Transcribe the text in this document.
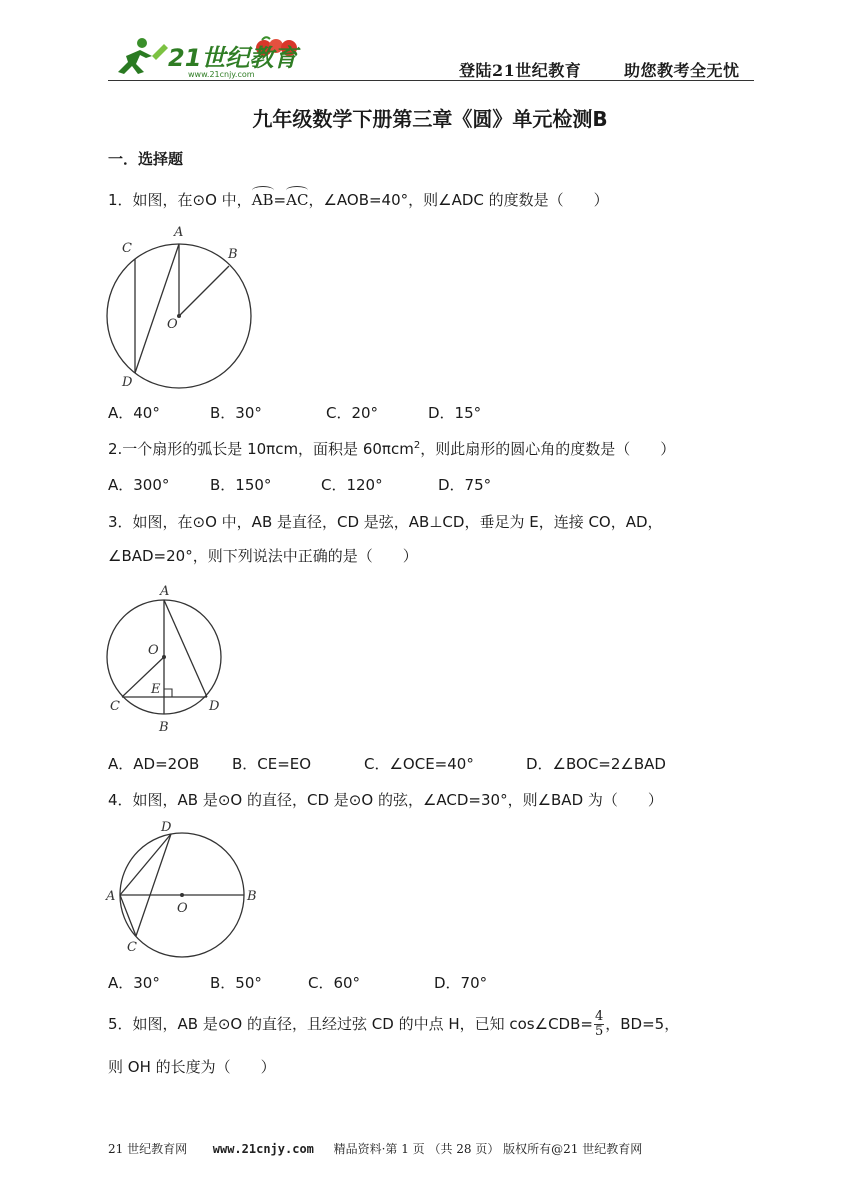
21世纪教育
www.21cnjy.com	登陆21世纪教育	助您教考全无忧
九年级数学下册第三章《圆》单元检测B
一．选择题
1．如图，在⊙O 中，AB=AC，∠AOB=40°，则∠ADC 的度数是（　　）
C
A
B
O
D
A．40°	B．30°	C．20°	D．15°
2.一个扇形的弧长是 10πcm，面积是 60πcm$^2$，则此扇形的圆心角的度数是（　　）
A．300°	B．150°	C．120°	D．75°
3．如图，在⊙O 中，AB 是直径，CD 是弦，AB⊥CD，垂足为 E，连接 CO，AD，
∠BAD=20°，则下列说法中正确的是（　　）
A
O
E
C	D
B
A．AD=2OB B．CE=EO	C．∠OCE=40°	D．∠BOC=2∠BAD
4．如图，AB 是⊙O 的直径，CD 是⊙O 的弦，∠ACD=30°，则∠BAD 为（　　）
D
A
O
B
C
A．30°	B．50°	C．60°	D．70°
5．如图，AB 是⊙O 的直径，且经过弦 CD 的中点 H，已知 cos∠CDB= $\frac{4}{5}$ ，BD=5，
则 OH 的长度为（　　）
21 世纪教育网 www.21cnjy.com 精品资料·第 1 页 （共 28 页） 版权所有@21 世纪教育网
